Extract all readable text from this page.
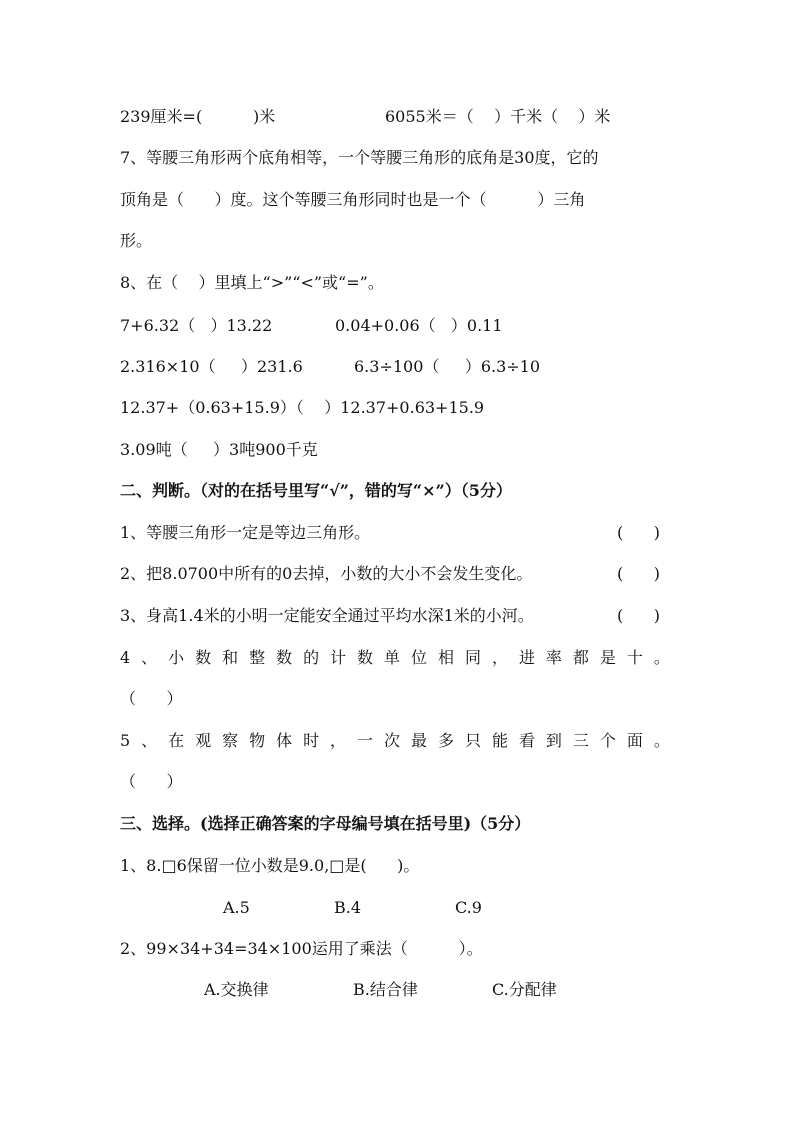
239厘米=(          )米	6055米＝（    ）千米（    ）米
7、等腰三角形两个底角相等，一个等腰三角形的底角是30度，它的
顶角是（      ）度。这个等腰三角形同时也是一个（          ）三角
形。
8、在（    ）里填上“>”“<”或“=”。
7+6.32（   ）13.22	0.04+0.06（   ）0.11
2.316×10（     ）231.6	6.3÷100（     ）6.3÷10
12.37+（0.63+15.9）（    ）12.37+0.63+15.9
3.09吨（     ）3吨900千克
二、判断。（对的在括号里写“√”，错的写“×”）（5分）
1、等腰三角形一定是等边三角形。	(      )
2、把8.0700中所有的0去掉，小数的大小不会发生变化。	(      )
3、身高1.4米的小明一定能安全通过平均水深1米的小河。	(      )
4 、 小 数 和 整 数 的 计 数 单 位 相 同 ， 进 率 都 是 十 。
（      ）
5 、 在 观 察 物 体 时 ， 一 次 最 多 只 能 看 到 三 个 面 。
（      ）
三、选择。(选择正确答案的字母编号填在括号里)（5分）
1、8.□6保留一位小数是9.0,□是(      )。
A.5	B.4	C.9
2、99×34+34=34×100运用了乘法（          ）。
A.交换律	B.结合律	C.分配律
